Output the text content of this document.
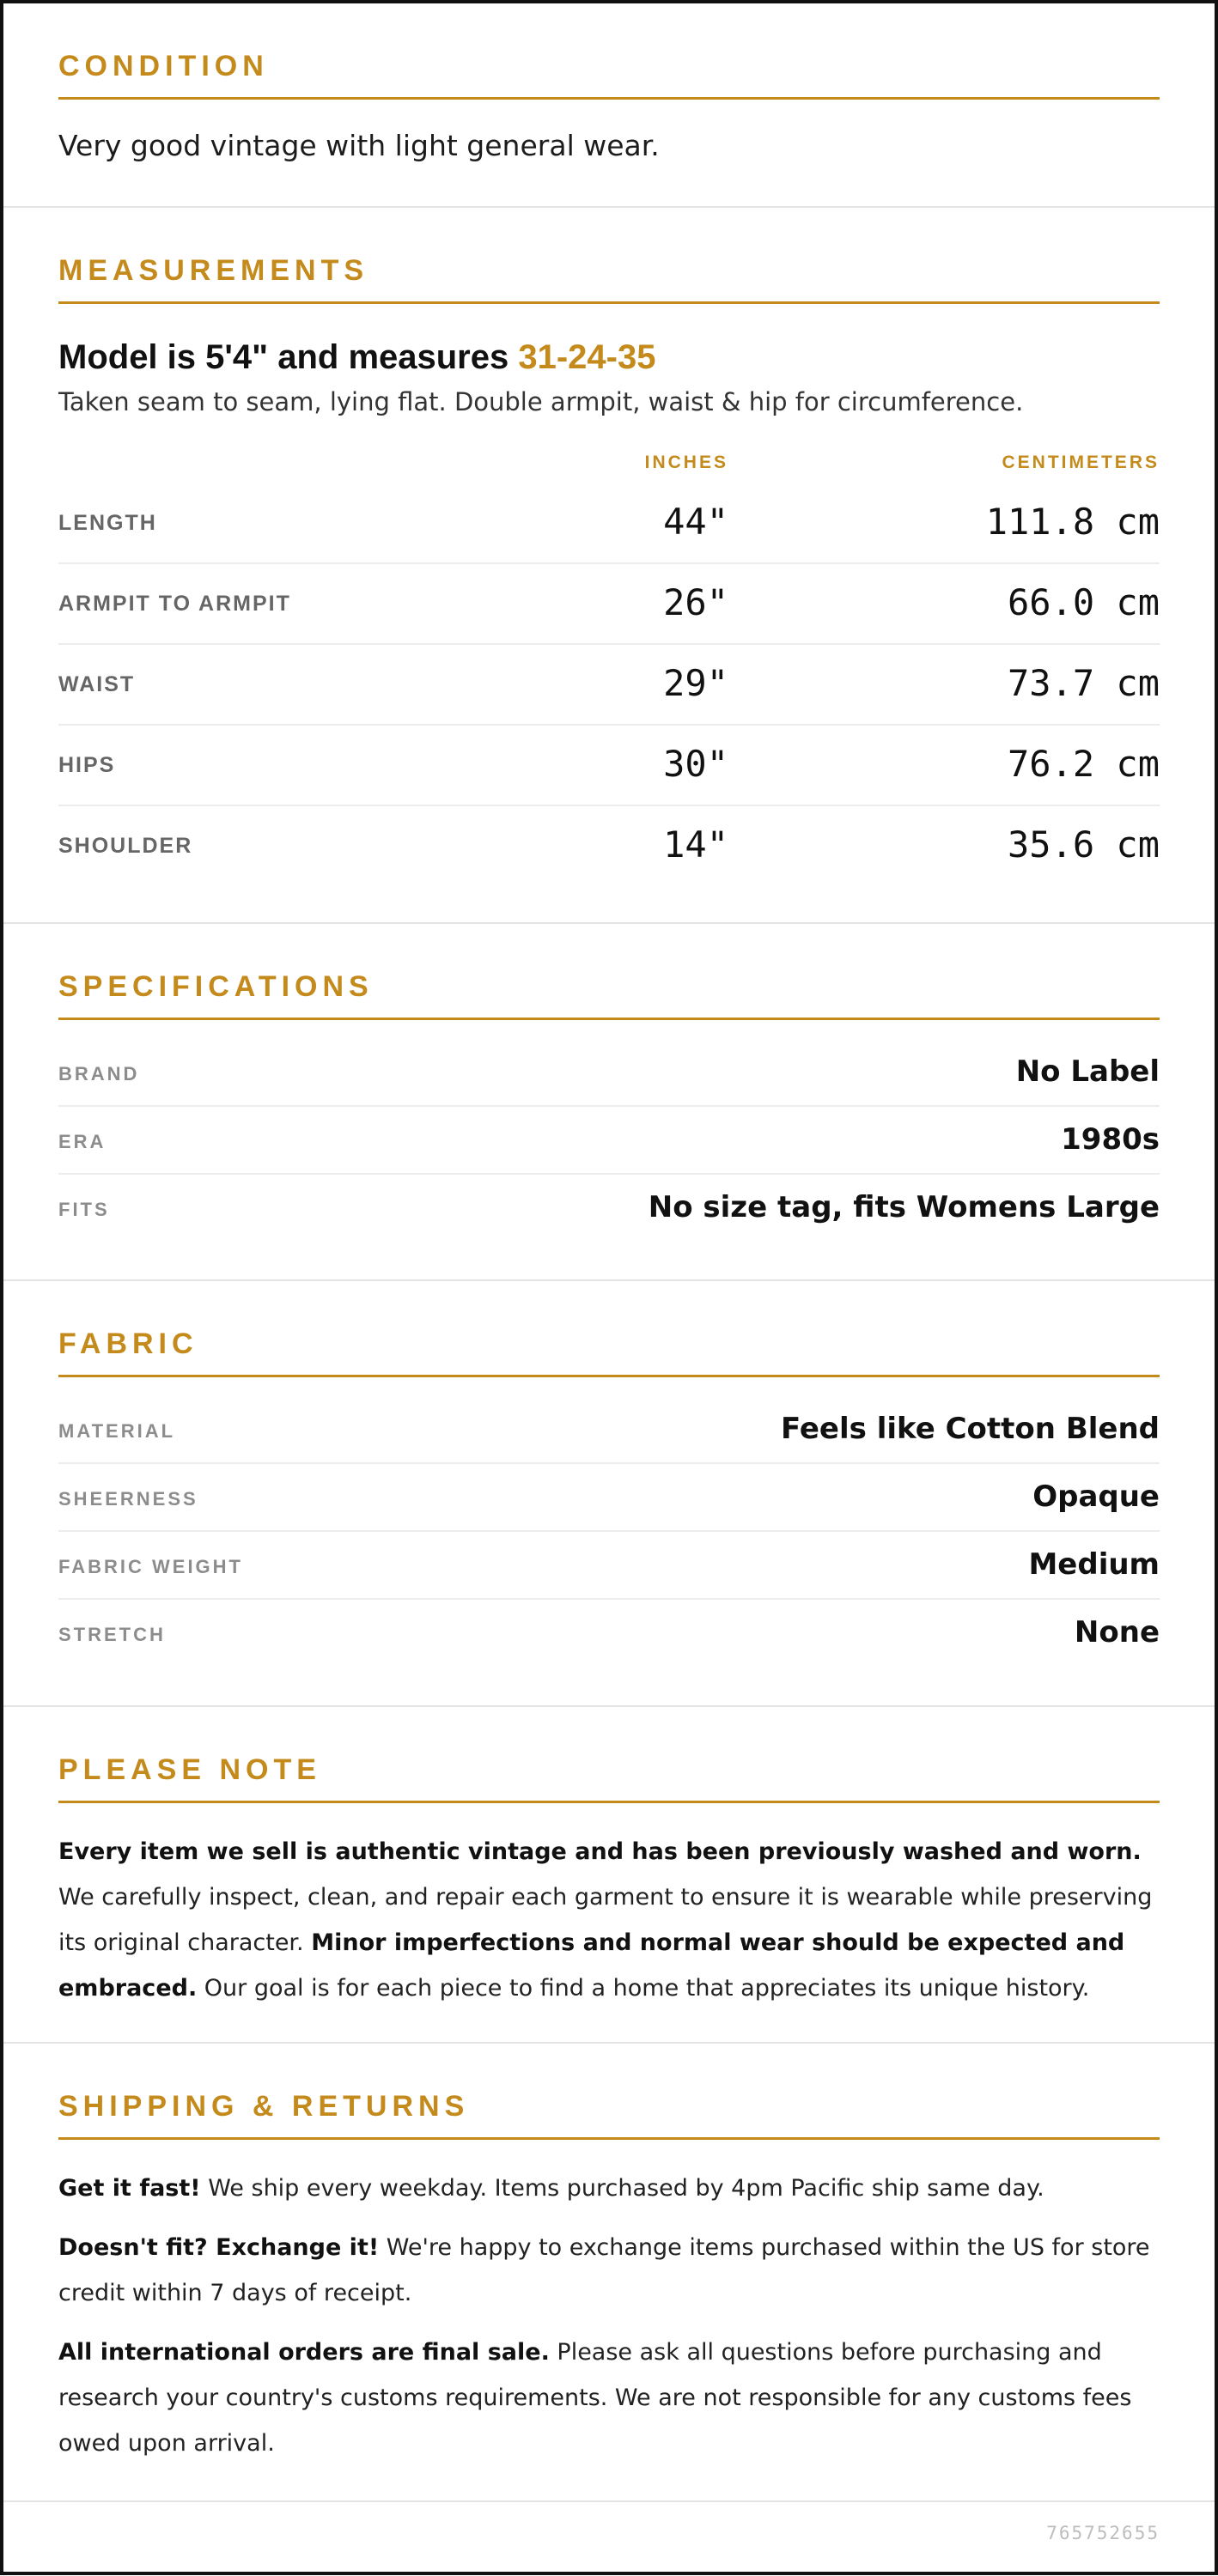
CONDITION
Very good vintage with light general wear.
MEASUREMENTS
Model is 5'4" and measures 31-24-35
Taken seam to seam, lying flat. Double armpit, waist & hip for circumference.
INCHES	CENTIMETERS
LENGTH	44"	111.8 cm
ARMPIT TO ARMPIT	26"	66.0 cm
WAIST	29"	73.7 cm
HIPS	30"	76.2 cm
SHOULDER	14"	35.6 cm
SPECIFICATIONS
BRAND	No Label
ERA	1980s
FITS	No size tag, fits Womens Large
FABRIC
MATERIAL	Feels like Cotton Blend
SHEERNESS	Opaque
FABRIC WEIGHT	Medium
STRETCH	None
PLEASE NOTE
Every item we sell is authentic vintage and has been previously washed and worn. We carefully inspect, clean, and repair each garment to ensure it is wearable while preserving its original character. Minor imperfections and normal wear should be expected and embraced. Our goal is for each piece to find a home that appreciates its unique history.
SHIPPING & RETURNS
Get it fast! We ship every weekday. Items purchased by 4pm Pacific ship same day.
Doesn't fit? Exchange it! We're happy to exchange items purchased within the US for store credit within 7 days of receipt.
All international orders are final sale. Please ask all questions before purchasing and research your country's customs requirements. We are not responsible for any customs fees owed upon arrival.
765752655
